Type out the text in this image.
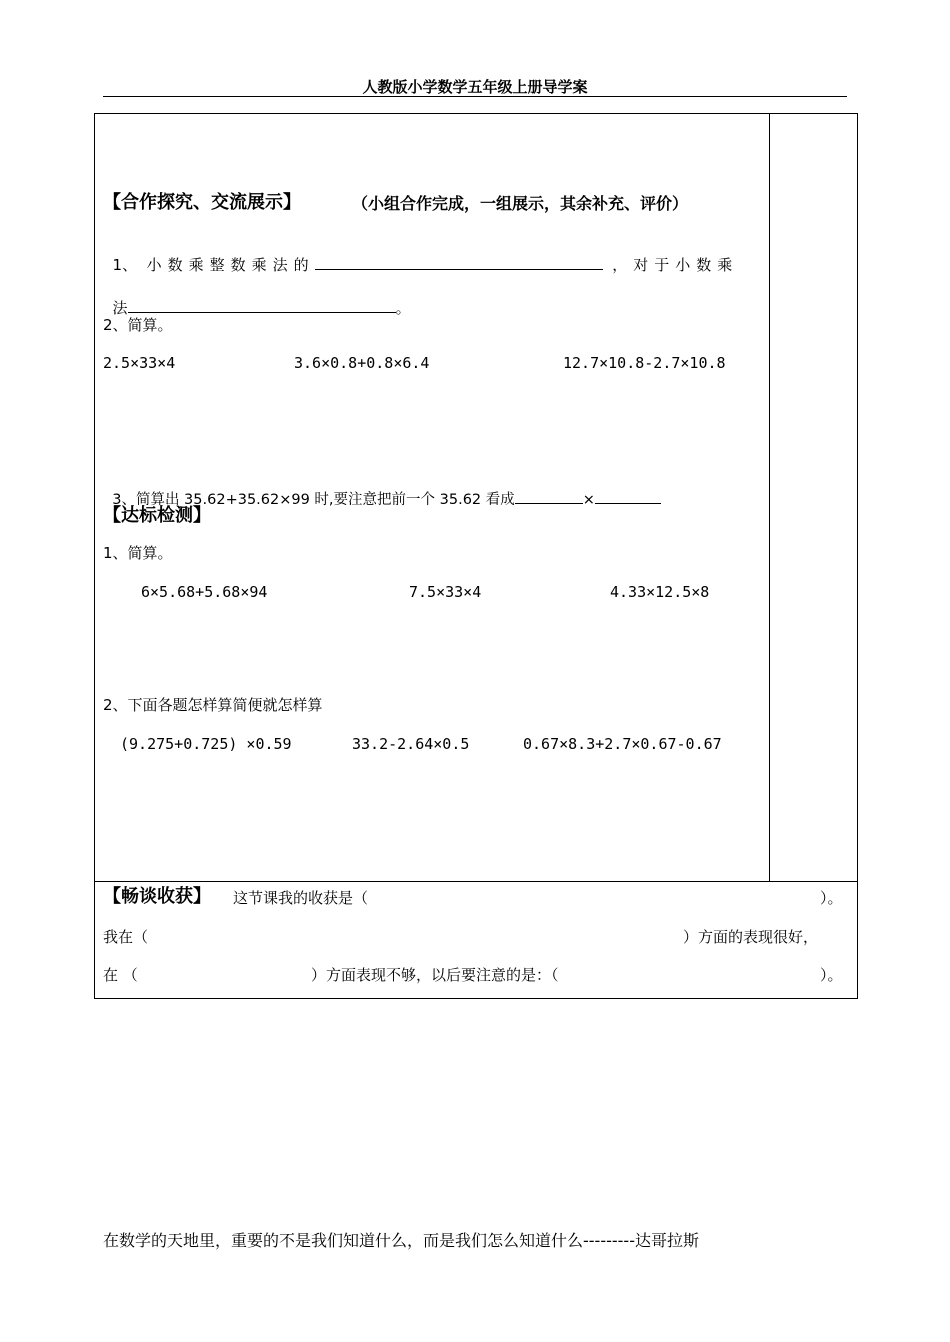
人教版小学数学五年级上册导学案
【合作探究、交流展示】	（小组合作完成，一组展示，其余补充、评价）

1、 小数乘整数乘法的	，对于小数乘

法	。

2、简算。
2.5×33×4	3.6×0.8+0.8×6.4	12.7×10.8-2.7×10.8

3、简算出 35.62+35.62×99 时,要注意把前一个 35.62 看成	×

【达标检测】
1、简算。
6×5.68+5.68×94	7.5×33×4	4.33×12.5×8
2、下面各题怎样算简便就怎样算
(9.275+0.725) ×0.59	33.2-2.64×0.5	0.67×8.3+2.7×0.67-0.67
【畅谈收获】 这节课我的收获是（	）。
我在（	）方面的表现很好，
在 （	）方面表现不够，以后要注意的是：（	）。
在数学的天地里，重要的不是我们知道什么，而是我们怎么知道什么---------达哥拉斯
